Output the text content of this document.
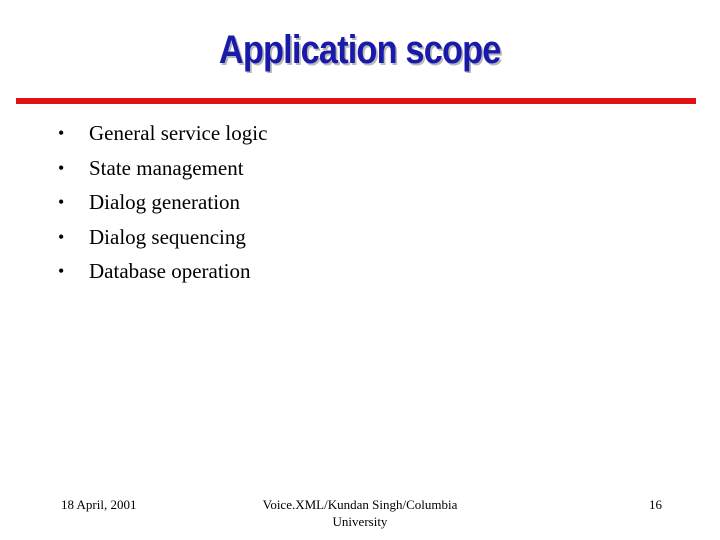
Application scope
• General service logic
• State management
• Dialog generation
• Dialog sequencing
• Database operation
18 April, 2001	Voice.XML/Kundan Singh/Columbia
University
16
